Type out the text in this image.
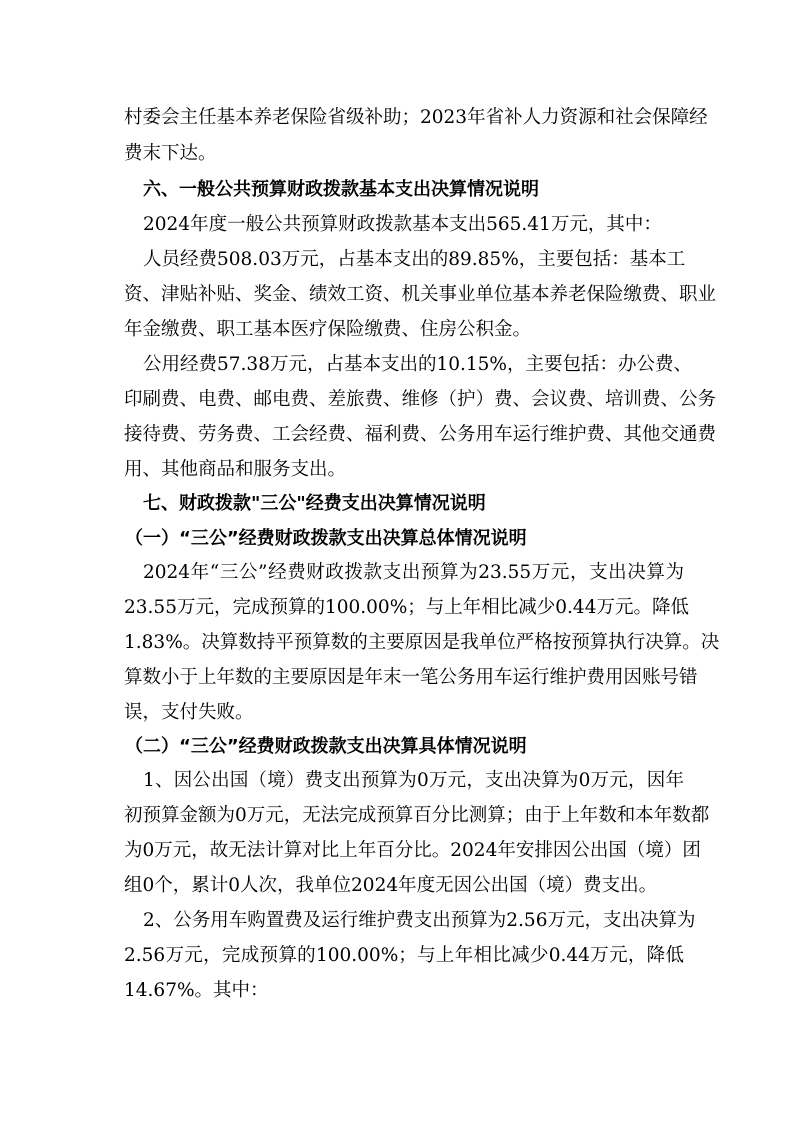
村委会主任基本养老保险省级补助；2023年省补人力资源和社会保障经
费末下达。
六、一般公共预算财政拨款基本支出决算情况说明
2024年度一般公共预算财政拨款基本支出565.41万元，其中：
人员经费508.03万元，占基本支出的89.85%，主要包括：基本工
资、津贴补贴、奖金、绩效工资、机关事业单位基本养老保险缴费、职业
年金缴费、职工基本医疗保险缴费、住房公积金。
公用经费57.38万元，占基本支出的10.15%，主要包括：办公费、
印刷费、电费、邮电费、差旅费、维修（护）费、会议费、培训费、公务
接待费、劳务费、工会经费、福利费、公务用车运行维护费、其他交通费
用、其他商品和服务支出。
七、财政拨款"三公"经费支出决算情况说明
（一）“三公”经费财政拨款支出决算总体情况说明
2024年“三公”经费财政拨款支出预算为23.55万元，支出决算为
23.55万元，完成预算的100.00%；与上年相比减少0.44万元。降低
1.83%。决算数持平预算数的主要原因是我单位严格按预算执行决算。决
算数小于上年数的主要原因是年末一笔公务用车运行维护费用因账号错
误，支付失败。
（二）“三公”经费财政拨款支出决算具体情况说明
1、因公出国（境）费支出预算为0万元，支出决算为0万元，因年
初预算金额为0万元，无法完成预算百分比测算；由于上年数和本年数都
为0万元，故无法计算对比上年百分比。2024年安排因公出国（境）团
组0个，累计0人次，我单位2024年度无因公出国（境）费支出。
2、公务用车购置费及运行维护费支出预算为2.56万元，支出决算为
2.56万元，完成预算的100.00%；与上年相比减少0.44万元，降低
14.67%。其中：
